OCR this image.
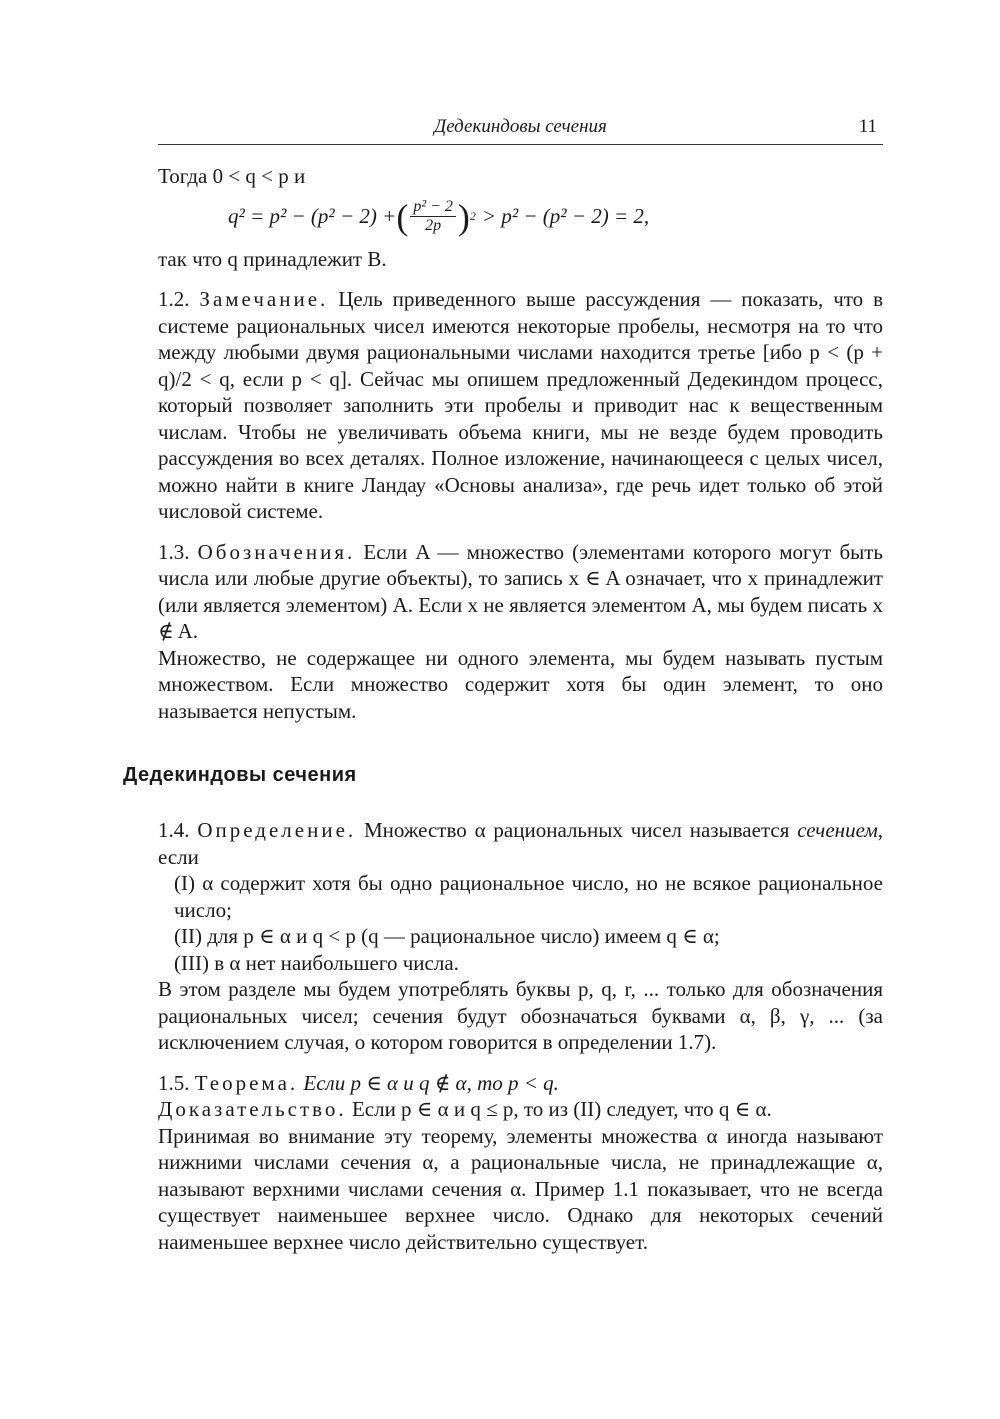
Дедекиндовы сечения	11

Тогда 0 < q < p и

q² = p² − (p² − 2) + ( $\frac{\text{p² − 2}}{2p}$ ) 2 > p² − (p² − 2) = 2,

так что q принадлежит B.

1.2. Замечание. Цель приведенного выше рассуждения — показать, что в системе рациональных чисел имеются некоторые пробелы, несмотря на то что между любыми двумя рациональными числами находится третье [ибо p < (p + q)/2 < q, если p < q]. Сейчас мы опишем предложенный Дедекиндом процесс, который позволяет заполнить эти пробелы и приводит нас к вещественным числам. Чтобы не увеличивать объема книги, мы не везде будем проводить рассуждения во всех деталях. Полное изложение, начинающееся с целых чисел, можно найти в книге Ландау «Основы анализа», где речь идет только об этой числовой системе.

1.3. Обозначения. Если A — множество (элементами которого могут быть числа или любые другие объекты), то запись x ∈ A означает, что x принадлежит (или является элементом) A. Если x не является элементом A, мы будем писать x ∉ A.

Множество, не содержащее ни одного элемента, мы будем называть пустым множеством. Если множество содержит хотя бы один элемент, то оно называется непустым.

Дедекиндовы сечения

1.4. Определение. Множество α рациональных чисел называется сечением, если

(I) α содержит хотя бы одно рациональное число, но не всякое рациональное число;

(II) для p ∈ α и q < p (q — рациональное число) имеем q ∈ α;

(III) в α нет наибольшего числа.

В этом разделе мы будем употреблять буквы p, q, r, ... только для обозначения рациональных чисел; сечения будут обозначаться буквами α, β, γ, ... (за исключением случая, о котором говорится в определении 1.7).

1.5. Теорема. Если p ∈ α и q ∉ α, то p < q.

Доказательство. Если p ∈ α и q ≤ p, то из (II) следует, что q ∈ α.

Принимая во внимание эту теорему, элементы множества α иногда называют нижними числами сечения α, а рациональные числа, не принадлежащие α, называют верхними числами сечения α. Пример 1.1 показывает, что не всегда существует наименьшее верхнее число. Однако для некоторых сечений наименьшее верхнее число действительно существует.
